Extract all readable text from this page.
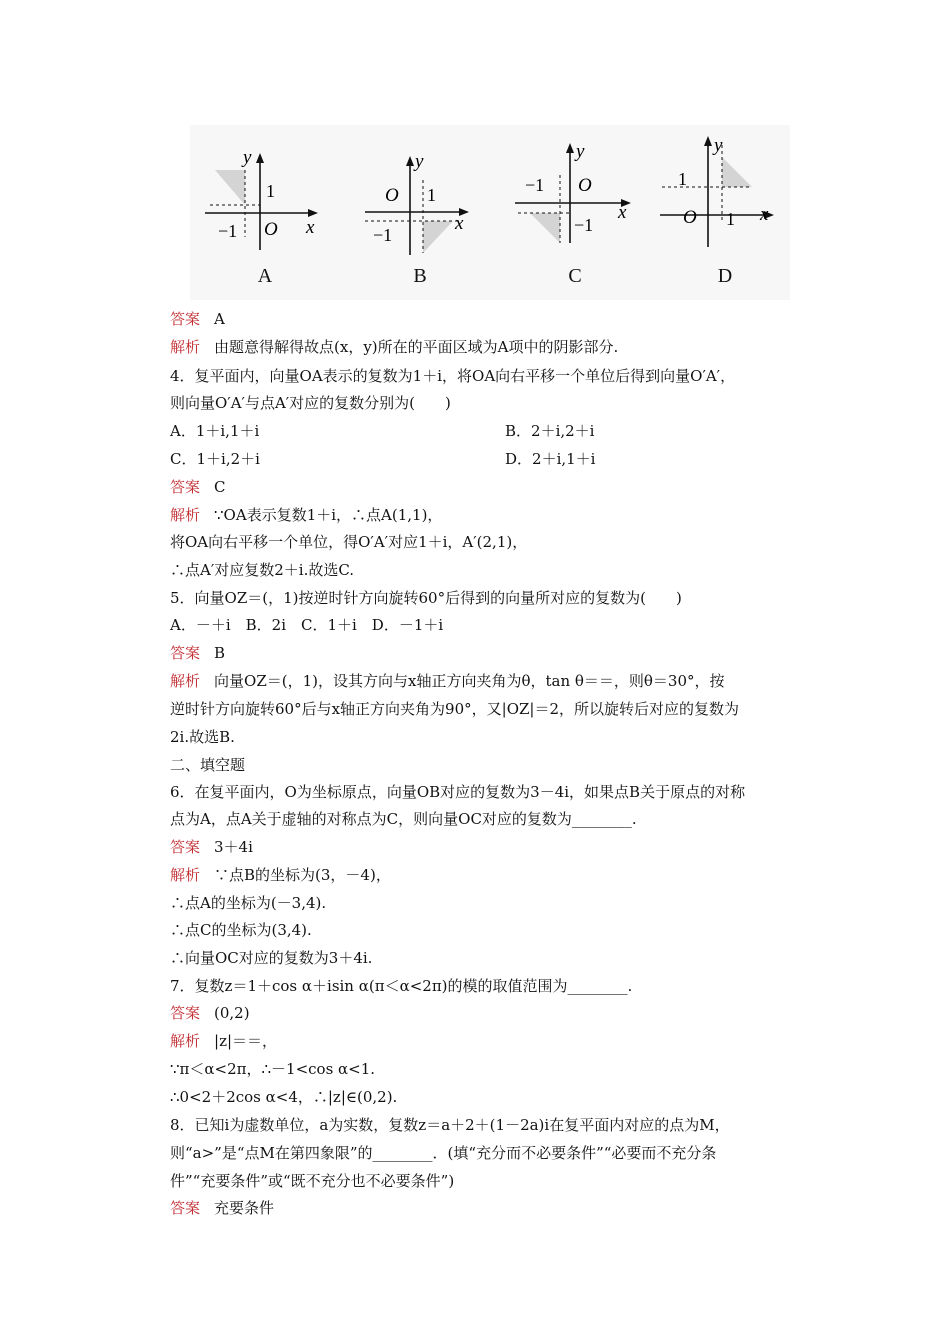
y
x
1
−1 O
A
y
x
1
−1
O
B
y
x
−1
−1
O
C
y
x
1
1
O
D
答案 A
解析 由题意得解得故点(x，y)所在的平面区域为A项中的阴影部分.
4．复平面内，向量OA表示的复数为1＋i，将OA向右平移一个单位后得到向量O′A′，
则向量O′A′与点A′对应的复数分别为(　　)
A．1＋i,1＋i	B．2＋i,2＋i
C．1＋i,2＋i	D．2＋i,1＋i
答案 C
解析 ∵OA表示复数1＋i，∴点A(1,1)，
将OA向右平移一个单位，得O′A′对应1＋i，A′(2,1)，
∴点A′对应复数2＋i.故选C.
5．向量OZ＝(，1)按逆时针方向旋转60°后得到的向量所对应的复数为(　　)
A．－＋i　B．2i　C．1＋i　D．－1＋i
答案 B
解析 向量OZ＝(，1)，设其方向与x轴正方向夹角为θ，tan θ＝＝，则θ＝30°，按
逆时针方向旋转60°后与x轴正方向夹角为90°，又|OZ|＝2，所以旋转后对应的复数为
2i.故选B.
二、填空题
6．在复平面内，O为坐标原点，向量OB对应的复数为3－4i，如果点B关于原点的对称
点为A，点A关于虚轴的对称点为C，则向量OC对应的复数为________.
答案 3＋4i
解析 ∵点B的坐标为(3，－4)，
∴点A的坐标为(－3,4).
∴点C的坐标为(3,4).
∴向量OC对应的复数为3＋4i.
7．复数z＝1＋cos α＋isin α(π＜α<2π)的模的取值范围为________.
答案 (0,2)
解析 |z|＝＝，
∵π＜α<2π，∴－1<cos α<1.
∴0<2＋2cos α<4，∴|z|∈(0,2).
8．已知i为虚数单位，a为实数，复数z＝a＋2＋(1－2a)i在复平面内对应的点为M，
则“a>”是“点M在第四象限”的________．(填“充分而不必要条件”“必要而不充分条
件”“充要条件”或“既不充分也不必要条件”)
答案 充要条件
